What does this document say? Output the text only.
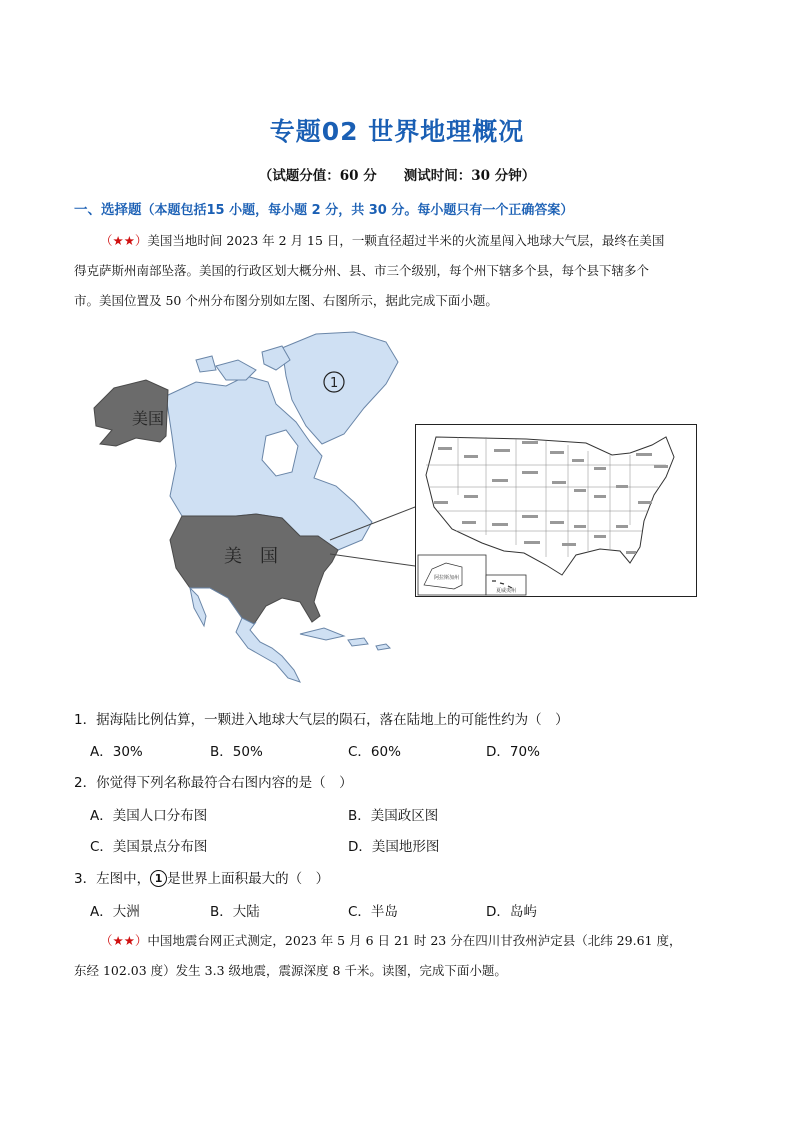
专题02 世界地理概况
（试题分值：60 分　　测试时间：30 分钟）
一、选择题（本题包括15 小题，每小题 2 分，共 30 分。每小题只有一个正确答案）
（★★）美国当地时间 2023 年 2 月 15 日，一颗直径超过半米的火流星闯入地球大气层，最终在美国
得克萨斯州南部坠落。美国的行政区划大概分州、县、市三个级别，每个州下辖多个县，每个县下辖多个
市。美国位置及 50 个州分布图分别如左图、右图所示，据此完成下面小题。
美国
美　国
1
阿拉斯加州
夏威夷州
1．据海陆比例估算，一颗进入地球大气层的陨石，落在陆地上的可能性约为（　）
A．30%	B．50%	C．60%	D．70%
2．你觉得下列名称最符合右图内容的是（　）
A．美国人口分布图	B．美国政区图
C．美国景点分布图	D．美国地形图
3．左图中， 1 是世界上面积最大的（　）
A．大洲	B．大陆	C．半岛	D．岛屿
（★★）中国地震台网正式测定，2023 年 5 月 6 日 21 时 23 分在四川甘孜州泸定县（北纬 29.61 度，
东经 102.03 度）发生 3.3 级地震，震源深度 8 千米。读图，完成下面小题。
